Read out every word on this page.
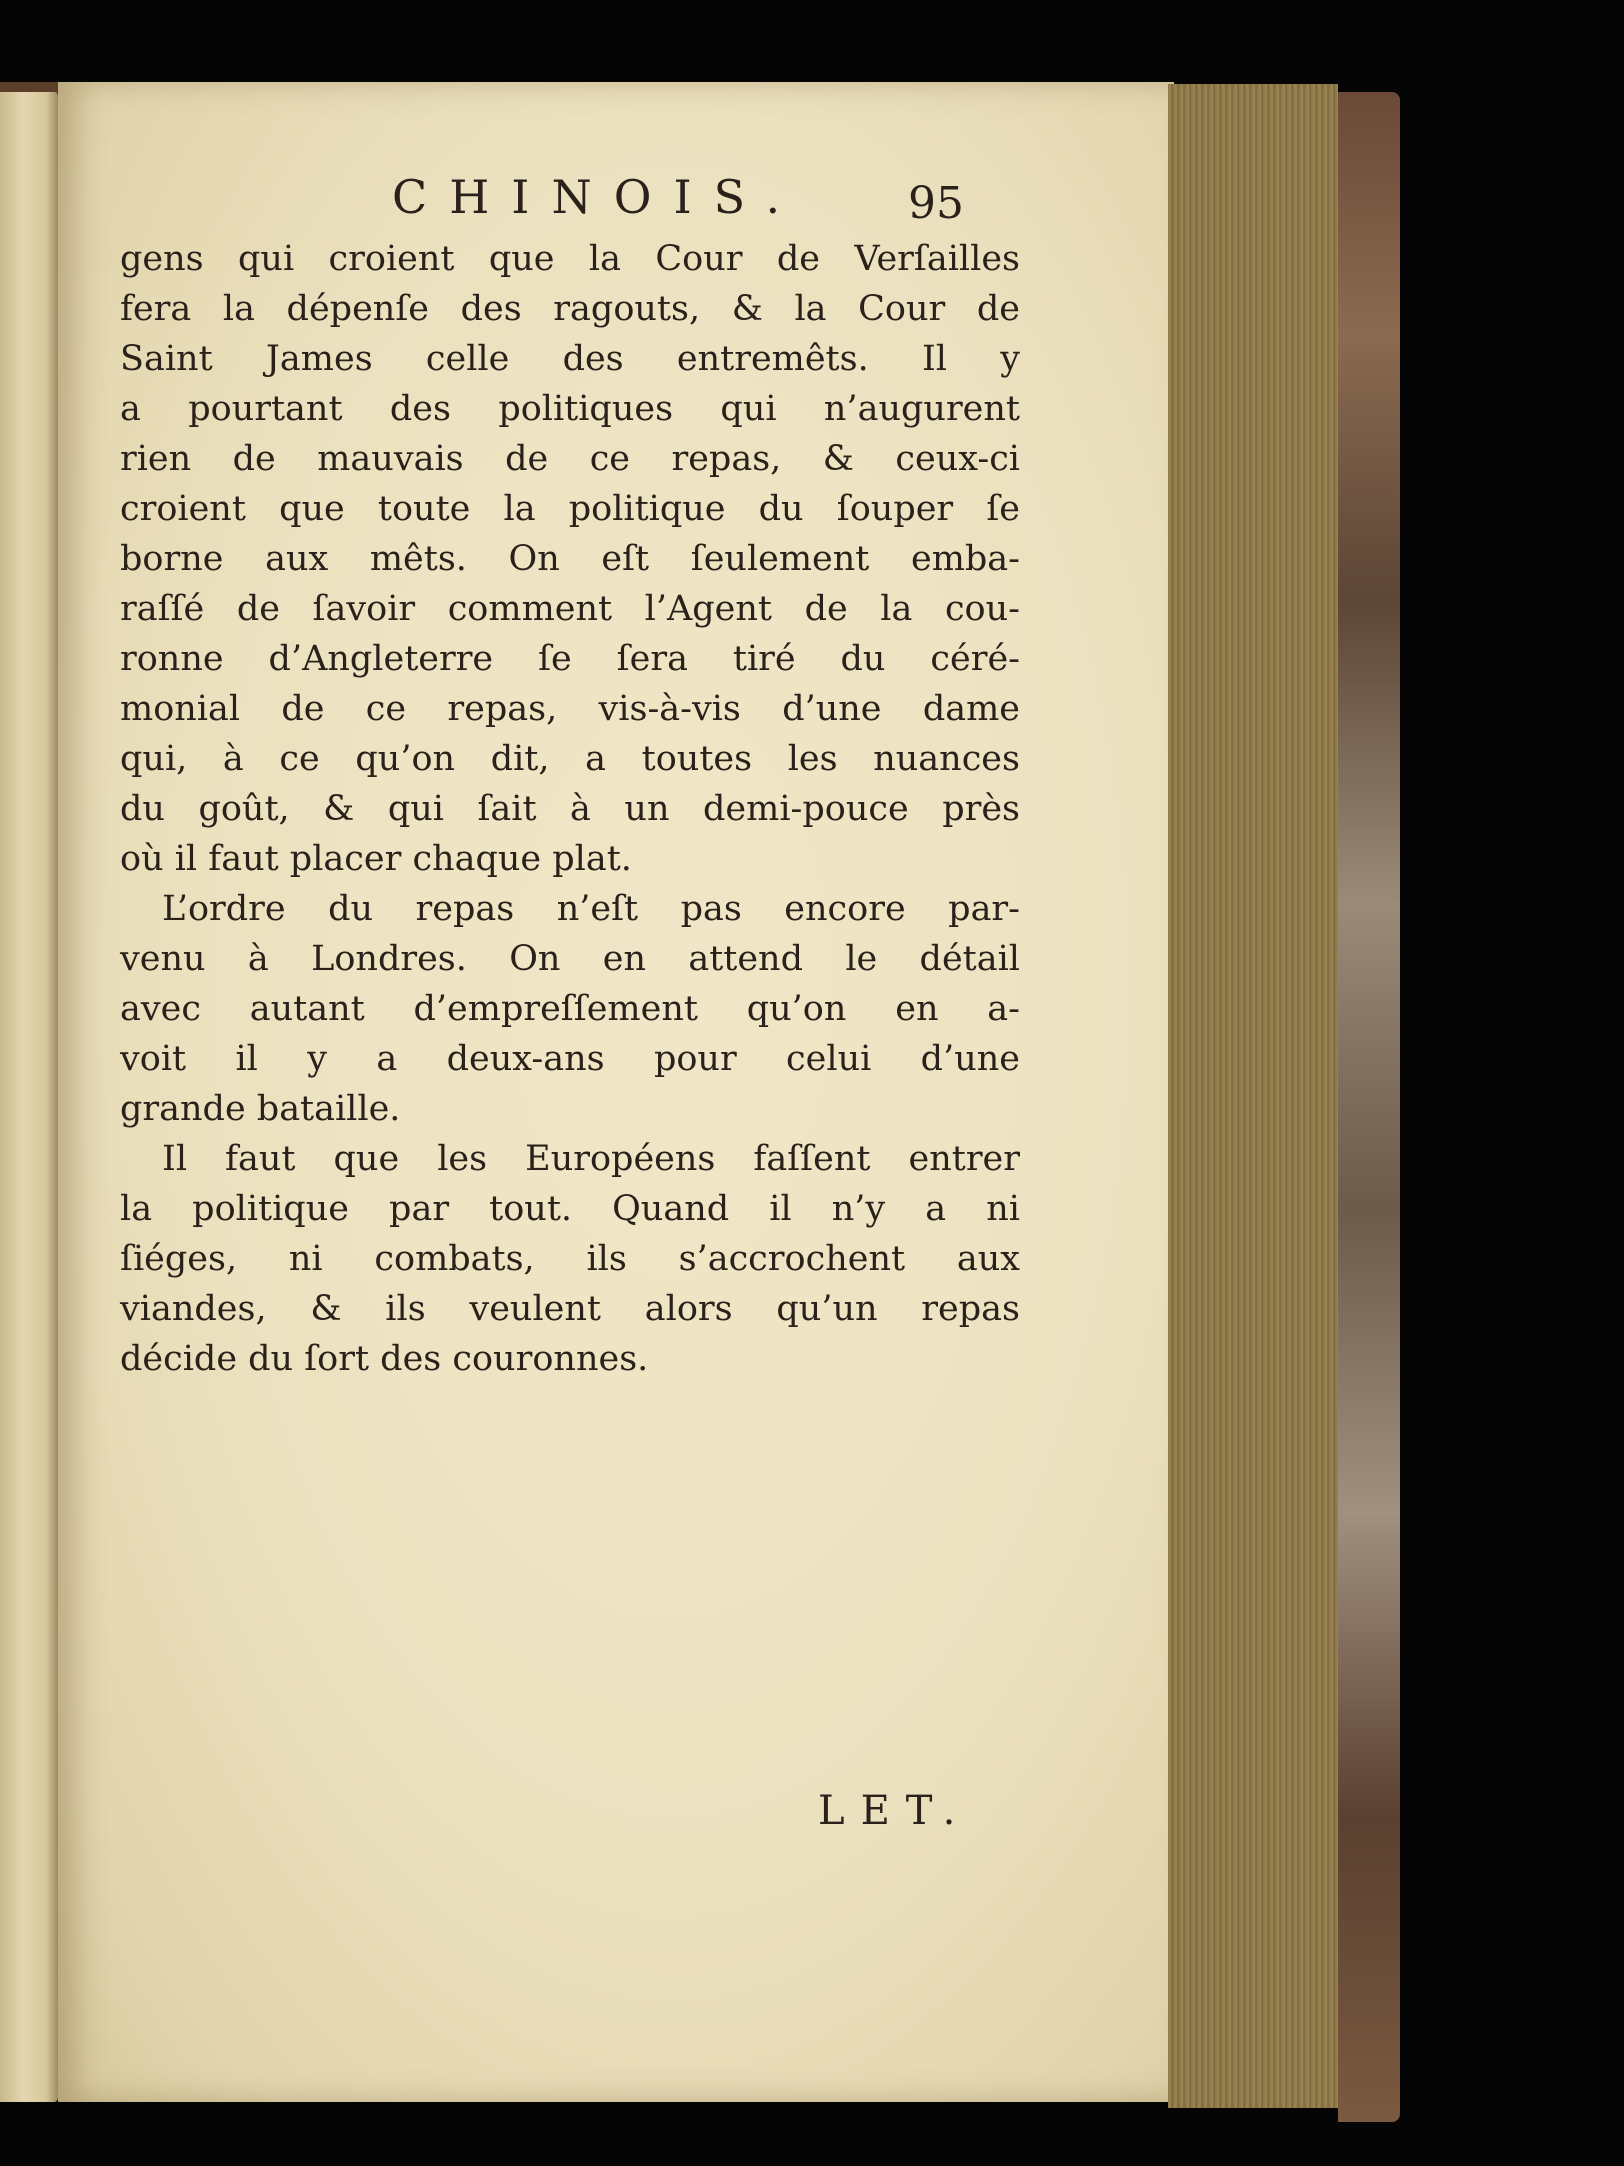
CHINOIS. 95

gens qui croient que la Cour de Verſailles
fera la dépenſe des ragouts, & la Cour de
Saint James celle des entremêts. Il y
a pourtant des politiques qui n’augurent
rien de mauvais de ce repas, & ceux-ci
croient que toute la politique du ſouper ſe
borne aux mêts. On eſt ſeulement emba-
raſſé de ſavoir comment l’Agent de la cou-
ronne d’Angleterre ſe ſera tiré du céré-
monial de ce repas, vis-à-vis d’une dame
qui, à ce qu’on dit, a toutes les nuances
du goût, & qui ſait à un demi-pouce près
où il faut placer chaque plat.

L’ordre du repas n’eſt pas encore par-
venu à Londres. On en attend le détail
avec autant d’empreſſement qu’on en a-
voit il y a deux-ans pour celui d’une
grande bataille.

Il faut que les Européens faſſent entrer
la politique par tout. Quand il n’y a ni
ſiéges, ni combats, ils s’accrochent aux
viandes, & ils veulent alors qu’un repas
décide du ſort des couronnes.

LET.
